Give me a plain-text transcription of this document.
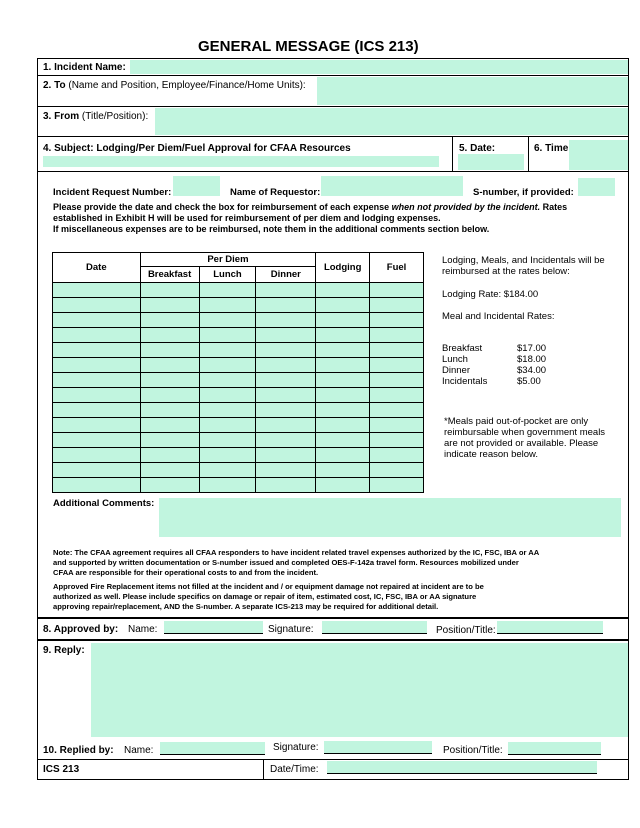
GENERAL MESSAGE (ICS 213)
1. Incident Name:
2. To (Name and Position, Employee/Finance/Home Units):
3. From (Title/Position):
4. Subject: Lodging/Per Diem/Fuel Approval for CFAA Resources	5. Date:	6. Time
Incident Request Number:	Name of Requestor:	S-number, if provided:
Please provide the date and check the box for reimbursement of each expense when not provided by the incident. Rates
established in Exhibit H will be used for reimbursement of per diem and lodging expenses.
If miscellaneous expenses are to be reimbursed, note them in the additional comments section below.
Date	Per Diem			Lodging	Fuel
	Breakfast	Lunch	Dinner		

Lodging, Meals, and Incidentals will be
reimbursed at the rates below:
Lodging Rate: $184.00
Meal and Incidental Rates:
Breakfast	$17.00
Lunch	$18.00
Dinner	$34.00
Incidentals	$5.00
*Meals paid out-of-pocket are only
reimbursable when government meals
are not provided or available. Please
indicate reason below.
Additional Comments:
Note: The CFAA agreement requires all CFAA responders to have incident related travel expenses authorized by the IC, FSC, IBA or AA
and supported by written documentation or S-number issued and completed OES-F-142a travel form. Resources mobilized under
CFAA are responsible for their operational costs to and from the incident.
Approved Fire Replacement items not filled at the incident and / or equipment damage not repaired at incident are to be
authorized as well. Please include specifics on damage or repair of item, estimated cost, IC, FSC, IBA or AA signature
approving repair/replacement, AND the S-number. A separate ICS-213 may be required for additional detail.
8. Approved by: Name:	Signature:	Position/Title:
9. Reply:
10. Replied by: Name:	Signature:	Position/Title:
ICS 213	Date/Time:
